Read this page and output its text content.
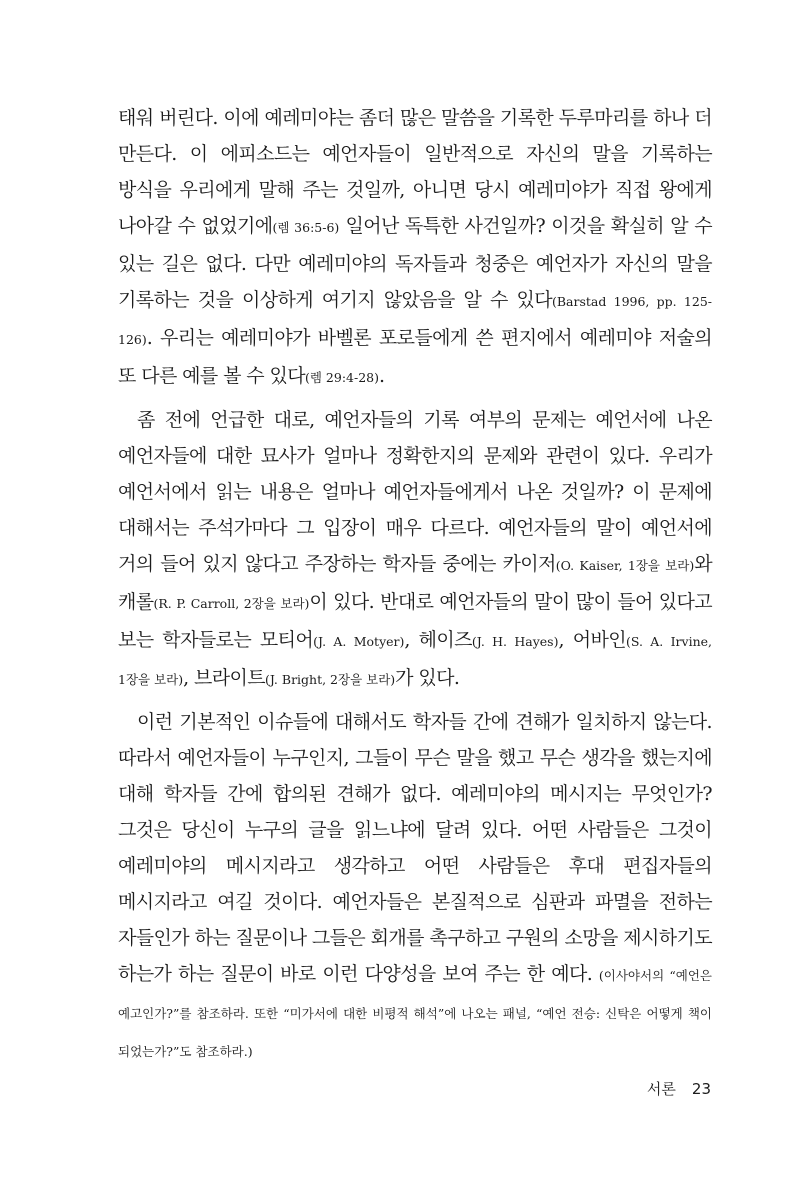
태워 버린다. 이에 예레미야는 좀더 많은 말씀을 기록한 두루마리를 하나 더 만든다. 이 에피소드는 예언자들이 일반적으로 자신의 말을 기록하는 방식을 우리에게 말해 주는 것일까, 아니면 당시 예레미야가 직접 왕에게 나아갈 수 없었기에(렘 36:5-6) 일어난 독특한 사건일까? 이것을 확실히 알 수 있는 길은 없다. 다만 예레미야의 독자들과 청중은 예언자가 자신의 말을 기록하는 것을 이상하게 여기지 않았음을 알 수 있다(Barstad 1996, pp. 125-126). 우리는 예레미야가 바벨론 포로들에게 쓴 편지에서 예레미야 저술의 또 다른 예를 볼 수 있다(렘 29:4-28).

좀 전에 언급한 대로, 예언자들의 기록 여부의 문제는 예언서에 나온 예언자들에 대한 묘사가 얼마나 정확한지의 문제와 관련이 있다. 우리가 예언서에서 읽는 내용은 얼마나 예언자들에게서 나온 것일까? 이 문제에 대해서는 주석가마다 그 입장이 매우 다르다. 예언자들의 말이 예언서에 거의 들어 있지 않다고 주장하는 학자들 중에는 카이저(O. Kaiser, 1장을 보라)와 캐롤(R. P. Carroll, 2장을 보라)이 있다. 반대로 예언자들의 말이 많이 들어 있다고 보는 학자들로는 모티어(J. A. Motyer), 헤이즈(J. H. Hayes), 어바인(S. A. Irvine, 1장을 보라), 브라이트(J. Bright, 2장을 보라)가 있다.

이런 기본적인 이슈들에 대해서도 학자들 간에 견해가 일치하지 않는다. 따라서 예언자들이 누구인지, 그들이 무슨 말을 했고 무슨 생각을 했는지에 대해 학자들 간에 합의된 견해가 없다. 예레미야의 메시지는 무엇인가? 그것은 당신이 누구의 글을 읽느냐에 달려 있다. 어떤 사람들은 그것이 예레미야의 메시지라고 생각하고 어떤 사람들은 후대 편집자들의 메시지라고 여길 것이다. 예언자들은 본질적으로 심판과 파멸을 전하는 자들인가 하는 질문이나 그들은 회개를 촉구하고 구원의 소망을 제시하기도 하는가 하는 질문이 바로 이런 다양성을 보여 주는 한 예다. (이사야서의 “예언은 예고인가?”를 참조하라. 또한 “미가서에 대한 비평적 해석”에 나오는 패널, “예언 전승: 신탁은 어떻게 책이 되었는가?”도 참조하라.)

서론 23
